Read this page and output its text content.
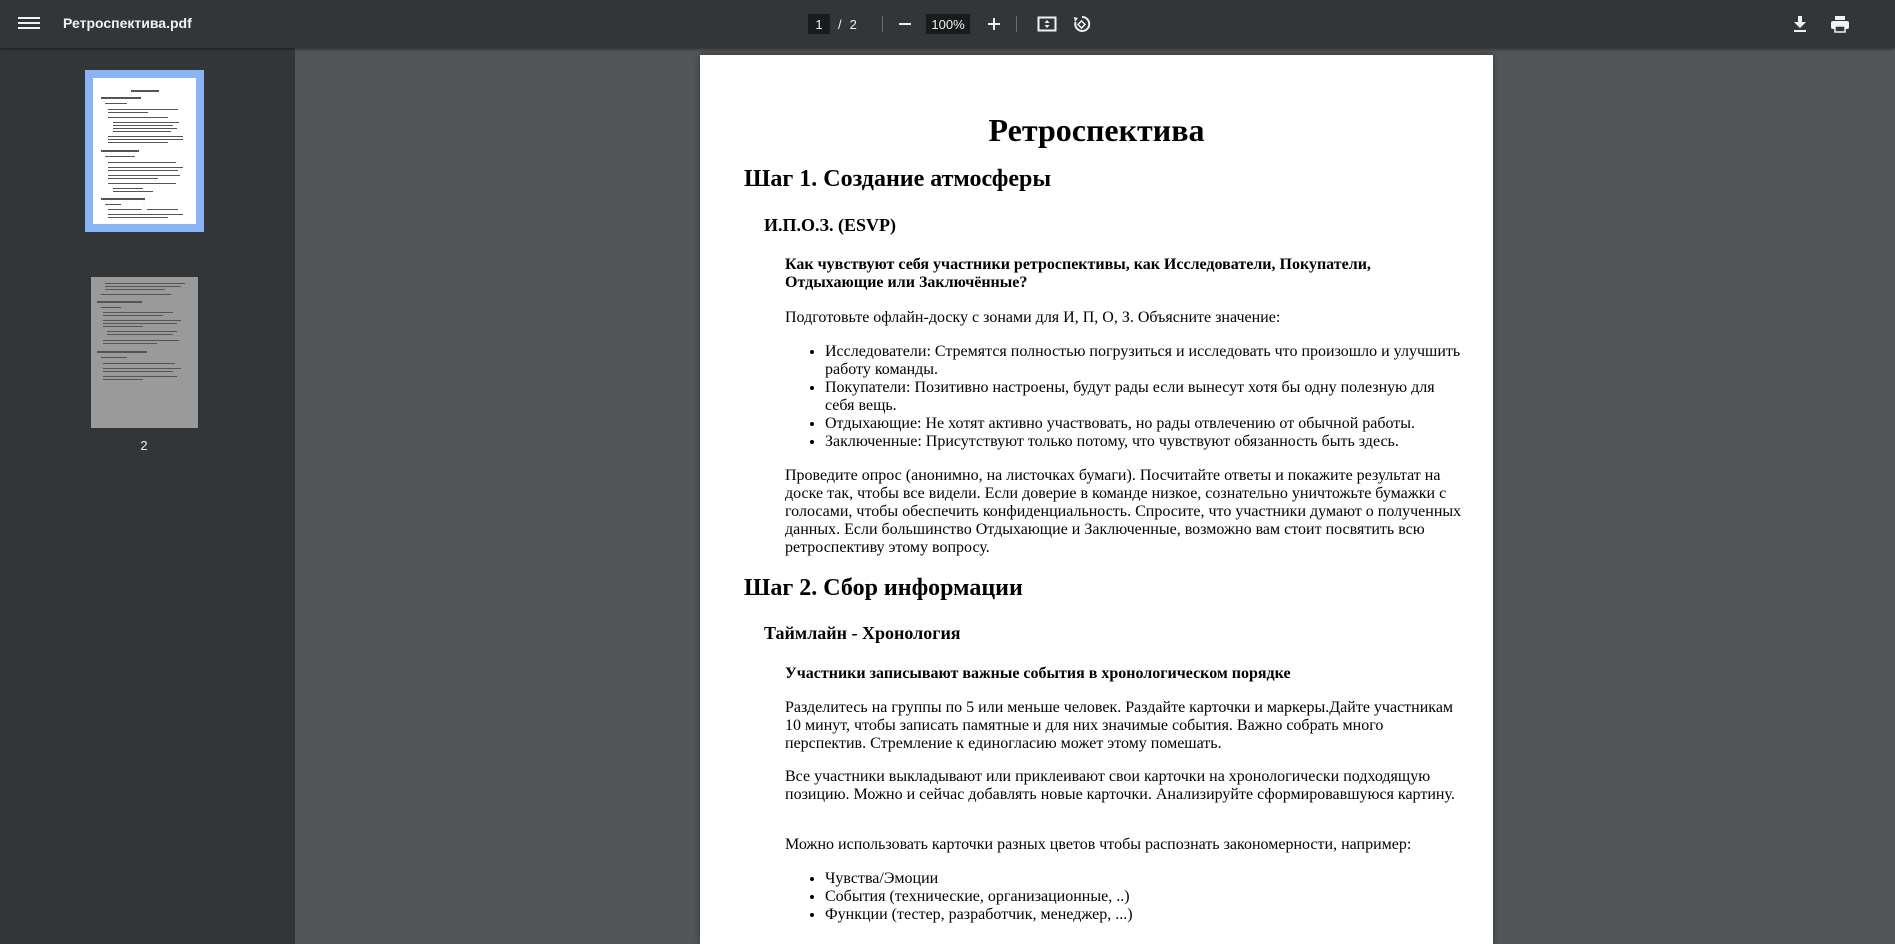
Ретроспектива.pdf
1	/ 2
100%
1
2
Ретроспектива
Шаг 1. Создание атмосферы
И.П.О.З. (ESVP)

Как чувствуют себя участники ретроспективы, как Исследователи, Покупатели, Отдыхающие или Заключённые?

Подготовьте офлайн-доску с зонами для И, П, О, З. Объясните значение:

• Исследователи: Стремятся полностью погрузиться и исследовать что произошло и улучшить работу команды.
• Покупатели: Позитивно настроены, будут рады если вынесут хотя бы одну полезную для себя вещь.
• Отдыхающие: Не хотят активно участвовать, но рады отвлечению от обычной работы.
• Заключенные: Присутствуют только потому, что чувствуют обязанность быть здесь.

Проведите опрос (анонимно, на листочках бумаги). Посчитайте ответы и покажите результат на доске так, чтобы все видели. Если доверие в команде низкое, сознательно уничтожьте бумажки с голосами, чтобы обеспечить конфиденциальность. Спросите, что участники думают о полученных данных. Если большинство Отдыхающие и Заключенные, возможно вам стоит посвятить всю ретроспективу этому вопросу.

Шаг 2. Сбор информации
Таймлайн - Хронология

Участники записывают важные события в хронологическом порядке

Разделитесь на группы по 5 или меньше человек. Раздайте карточки и маркеры.Дайте участникам 10 минут, чтобы записать памятные и для них значимые события. Важно собрать много перспектив. Стремление к единогласию может этому помешать.

Все участники выкладывают или приклеивают свои карточки на хронологически подходящую позицию. Можно и сейчас добавлять новые карточки. Анализируйте сформировавшуюся картину.

Можно использовать карточки разных цветов чтобы распознать закономерности, например:

• Чувства/Эмоции
• События (технические, организационные, ..)
• Функции (тестер, разработчик, менеджер, ...)
